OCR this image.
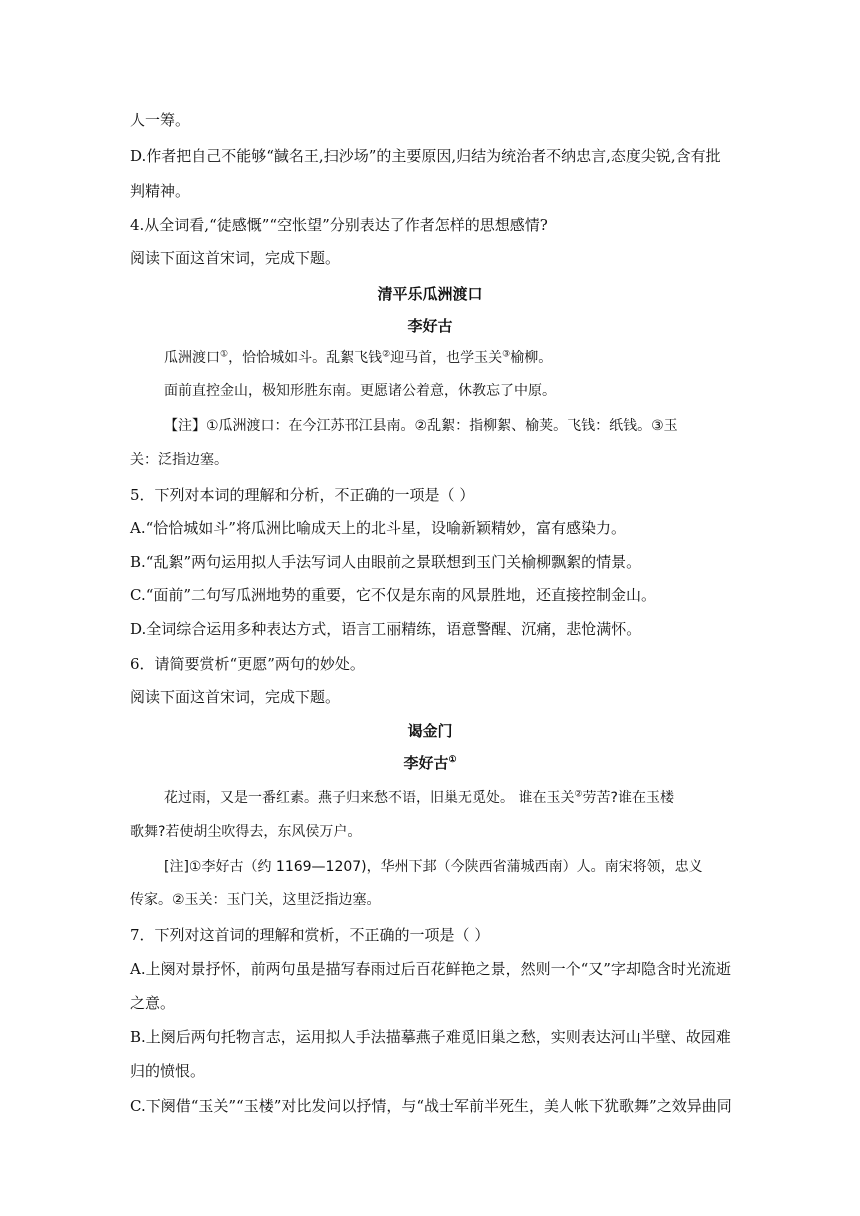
人一筹。
D.作者把自己不能够“馘名王,扫沙场”的主要原因,归结为统治者不纳忠言,态度尖锐,含有批
判精神。
4.从全词看,“徒感慨”“空怅望”分别表达了作者怎样的思想感情?
阅读下面这首宋词，完成下题。
清平乐瓜洲渡口
李好古
瓜洲渡口①，恰恰城如斗。乱絮飞钱②迎马首，也学玉关③榆柳。
面前直控金山，极知形胜东南。更愿诸公着意，休教忘了中原。
【注】①瓜洲渡口：在今江苏邗江县南。②乱絮：指柳絮、榆荚。飞钱：纸钱。③玉
关：泛指边塞。
5．下列对本词的理解和分析，不正确的一项是（ ）
A.“恰恰城如斗”将瓜洲比喻成天上的北斗星，设喻新颖精妙，富有感染力。
B.“乱絮”两句运用拟人手法写词人由眼前之景联想到玉门关榆柳飘絮的情景。
C.“面前”二句写瓜洲地势的重要，它不仅是东南的风景胜地，还直接控制金山。
D.全词综合运用多种表达方式，语言工丽精练，语意警醒、沉痛，悲怆满怀。
6．请简要赏析“更愿”两句的妙处。
阅读下面这首宋词，完成下题。
谒金门
李好古①
花过雨，又是一番红素。燕子归来愁不语，旧巢无觅处。 谁在玉关②劳苦?谁在玉楼
歌舞?若使胡尘吹得去，东风侯万户。
[注]①李好古（约 1169—1207)，华州下邽（今陕西省蒲城西南）人。南宋将领，忠义
传家。②玉关：玉门关，这里泛指边塞。
7．下列对这首词的理解和赏析，不正确的一项是（ ）
A.上阕对景抒怀，前两句虽是描写春雨过后百花鲜艳之景，然则一个“又”字却隐含时光流逝
之意。
B.上阕后两句托物言志，运用拟人手法描摹燕子难觅旧巢之愁，实则表达河山半壁、故园难
归的愤恨。
C.下阕借“玉关”“玉楼”对比发问以抒情，与“战士军前半死生，美人帐下犹歌舞”之效异曲同
